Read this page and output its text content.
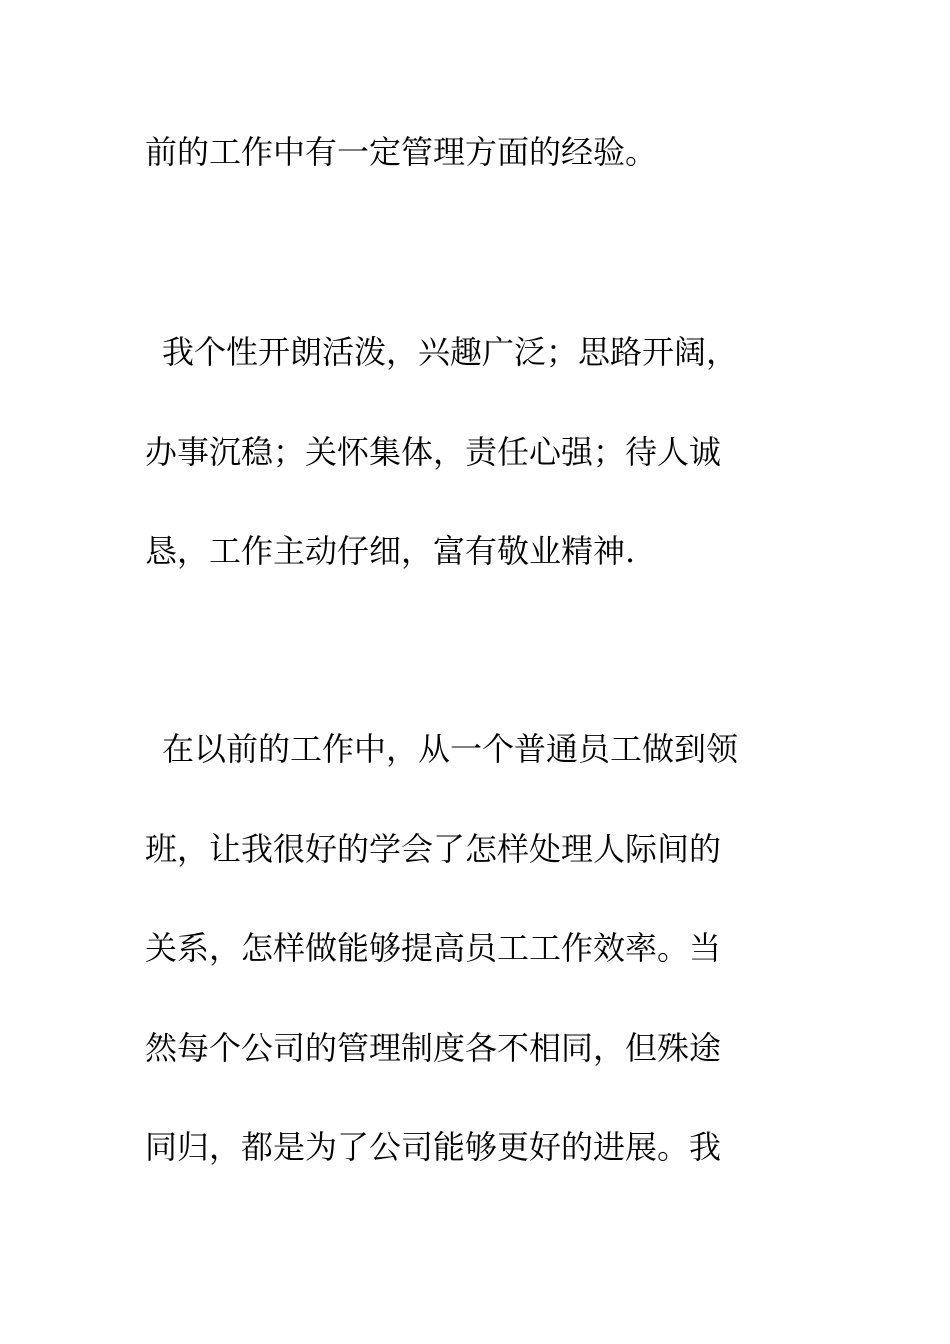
前的工作中有一定管理方面的经验。
我个性开朗活泼，兴趣广泛；思路开阔，
办事沉稳；关怀集体，责任心强；待人诚
恳，工作主动仔细，富有敬业精神.
在以前的工作中，从一个普通员工做到领
班，让我很好的学会了怎样处理人际间的
关系，怎样做能够提高员工工作效率。当
然每个公司的管理制度各不相同，但殊途
同归，都是为了公司能够更好的进展。我
